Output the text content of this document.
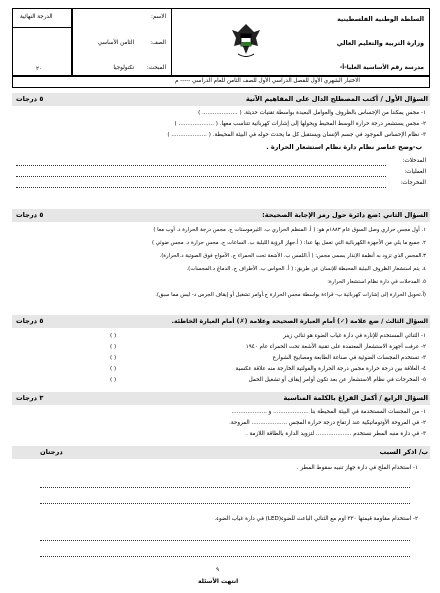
السلطة الوطنية الفلسطينية
وزارة التربية والتعليم العالي
مدرسة رقم الأساسية العليا-أ-
الاسم:
الصف:
الثامن الأساسي
المبحث:
تكنولوجيا
الدرجة النهائية
٢٠
الاختبار الشهري الأول للفصل الدراسي الأول للصف الثامن للعام الدراسي ----- م
السؤال الأول / أكتب المصطلح الدال على المفاهيم الآتية
٥ درجات
١- مجس يمكننا من الإحساس بالظروف والعوامل البعيدة بواسطة تقنيات حديثة. ( .................... )
٢- مجس يستشعر درجة حرارة الوسط المحيط ويحولها إلى إشارات كهربائية تتناسب معها. ( .................... )
٣- نظام الإحساس الموجود في جسم الإنسان ويستقبل كل ما يحدث حوله في البيئة المحيطة. ( .................... )
ب-وضح عناصر نظام دارة نظام استشعار الحرارة .
المدخلات:
العمليات:
المخرجات:
السؤال الثاني :ضع دائرة حول رمز الإجابة الصحيحة:
٥ درجات
١. أول مجس حراري وصل السوق عام ١٨٨٣م هو: ( أ. المنظم الحراري ب. الثيرموستات ج. مجس درجة الحرارة د. أوب معا )
٢. جميع ما يلي من الأجهزة الكهربائية التي تعمل بها عدا: ( أ.جهاز الرؤية الليلية ب. الساعات ج. مجس حرارة د. مجس ضوئي )
٣.المجس الذي تزود به أنظمة الإنذار يسمى مجس: ( أ.اللمس ب. الأشعة تحت الحمراء ج. الأمواج فوق الصوتية د.الحرارة).
٤. يتم استشعار الظروف البيئية المحيطة للإنسان عن طريق: ( أ. الحواس ب. الأطراف ج. الدماغ د.المجسات).
٥. المدخلات في دارة نظام استشعار الحرارة:
(أ.تحويل الحرارة إلى إشارات كهربائية ب- قراءة بواسطة مجس الحرارة ج.أوامر تشغيل أو إيقاف الجرس د- ليس مما سبق).
السؤال الثالث / ضع علامة (✓) أمام العبارة الصحيحة وعلامة (✗) أمام العبارة الخاطئة.
٥ درجات
١- الثنائي المستخدم للإنارة في دارة غياب الضوء هو ثنائي زينر
( )
٢- عرفت أجهزة الاستشعار المعتمدة على تقنية الأشعة تحت الحمراء عام ١٩٤٠
( )
٣- تستخدم المجسات الضوئية في صناعة الطابعة ومصابيح الشوارع
( )
٤- العلاقة بين درجة حرارة مجس درجة الحرارة والفولتية الخارجة منه علاقة عكسية
( )
٥- المخرجات في نظام الاستشعار عن بعد تكون أوامر إيقاف أو تشغيل الحمل
( )
السؤال الرابع / أكمل الفراغ بالكلمة المناسبة
٣ درجات
١- من المجسات المستخدمة في البيئة المحيطة بنا .................... و ....................
٢- في المروحة الأوتوماتيكية عند ارتفاع درجة حرارة المجس .................... المروحة.
٣- في دارة منبه المطر نستخدم .................... لتزويد الدارة بالطاقة اللازمة .
ب/ اذكر السبب
درجتان
١- استخدام الملح في دارة جهاز تنبيه سقوط المطر .
٢- استخدام مقاومة قيمتها ٣٣٠ اوم مع الثنائي الباعث للضوء(LED) في دارة غياب الضوء.
٩
انتهت الأسئلة
